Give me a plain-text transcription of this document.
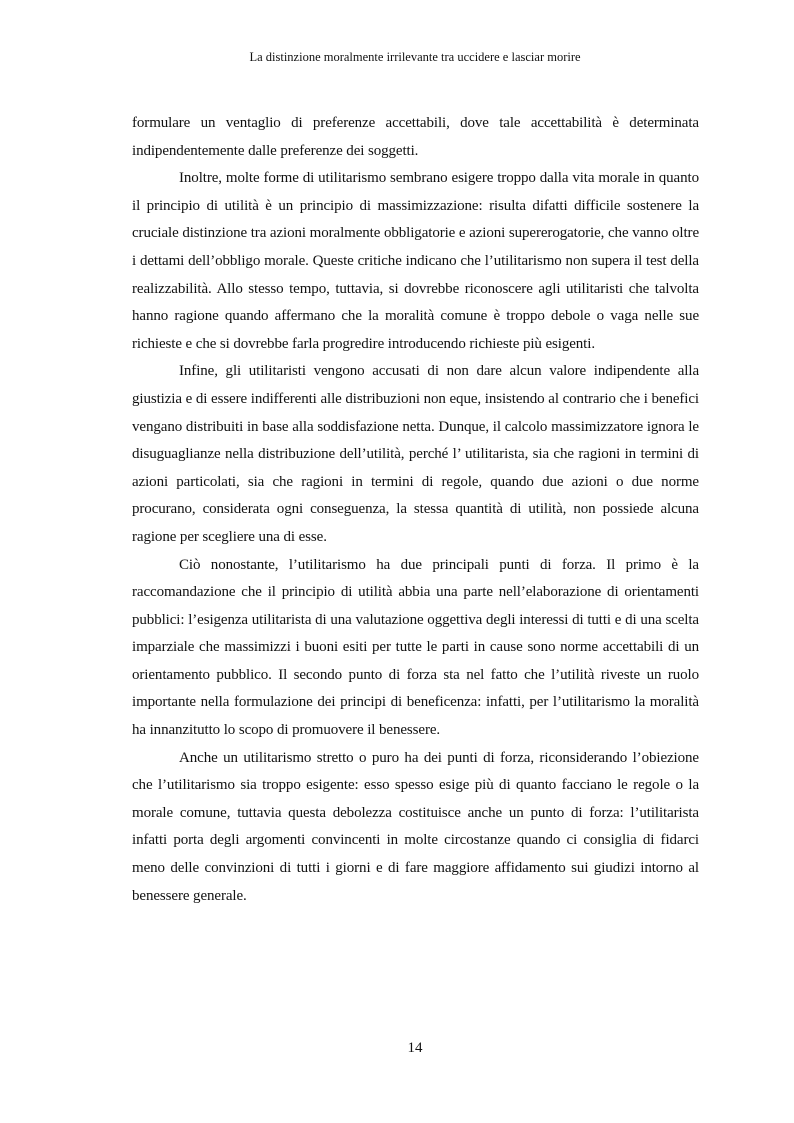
La distinzione moralmente irrilevante tra uccidere e lasciar morire

formulare un ventaglio di preferenze accettabili, dove tale accettabilità è determinata indipendentemente dalle preferenze dei soggetti.

Inoltre, molte forme di utilitarismo sembrano esigere troppo dalla vita morale in quanto il principio di utilità è un principio di massimizzazione: risulta difatti difficile sostenere la cruciale distinzione tra azioni moralmente obbligatorie e azioni supererogatorie, che vanno oltre i dettami dell’obbligo morale. Queste critiche indicano che l’utilitarismo non supera il test della realizzabilità. Allo stesso tempo, tuttavia, si dovrebbe riconoscere agli utilitaristi che talvolta hanno ragione quando affermano che la moralità comune è troppo debole o vaga nelle sue richieste e che si dovrebbe farla progredire introducendo richieste più esigenti.

Infine, gli utilitaristi vengono accusati di non dare alcun valore indipendente alla giustizia e di essere indifferenti alle distribuzioni non eque, insistendo al contrario che i benefici vengano distribuiti in base alla soddisfazione netta. Dunque, il calcolo massimizzatore ignora le disuguaglianze nella distribuzione dell’utilità, perché l’ utilitarista, sia che ragioni in termini di azioni particolati, sia che ragioni in termini di regole, quando due azioni o due norme procurano, considerata ogni conseguenza, la stessa quantità di utilità, non possiede alcuna ragione per scegliere una di esse.

Ciò nonostante, l’utilitarismo ha due principali punti di forza. Il primo è la raccomandazione che il principio di utilità abbia una parte nell’elaborazione di orientamenti pubblici: l’esigenza utilitarista di una valutazione oggettiva degli interessi di tutti e di una scelta imparziale che massimizzi i buoni esiti per tutte le parti in cause sono norme accettabili di un orientamento pubblico. Il secondo punto di forza sta nel fatto che l’utilità riveste un ruolo importante nella formulazione dei principi di beneficenza: infatti, per l’utilitarismo la moralità ha innanzitutto lo scopo di promuovere il benessere.

Anche un utilitarismo stretto o puro ha dei punti di forza, riconsiderando l’obiezione che l’utilitarismo sia troppo esigente: esso spesso esige più di quanto facciano le regole o la morale comune, tuttavia questa debolezza costituisce anche un punto di forza: l’utilitarista infatti porta degli argomenti convincenti in molte circostanze quando ci consiglia di fidarci meno delle convinzioni di tutti i giorni e di fare maggiore affidamento sui giudizi intorno al benessere generale.

14
